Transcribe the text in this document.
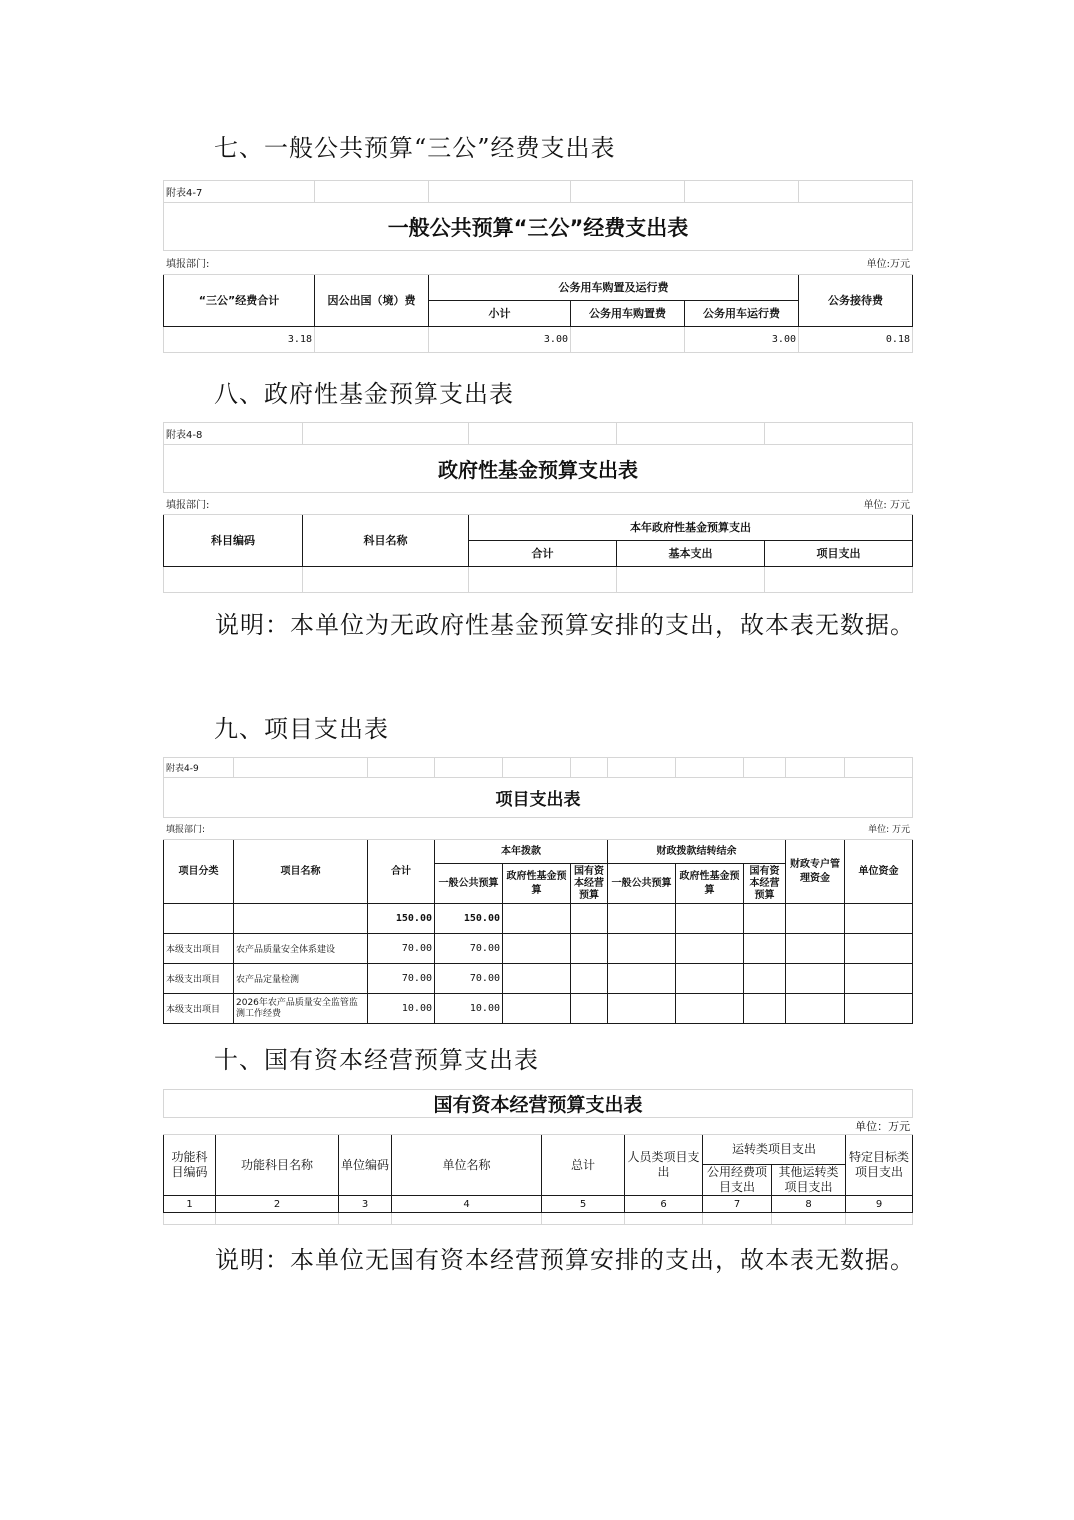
七、一般公共预算“三公”经费支出表
附表4-7					
一般公共预算“三公”经费支出表					
填报部门:					单位:万元
“三公”经费合计	因公出国（境）费	公务用车购置及运行费			公务接待费
		小计	公务用车购置费	公务用车运行费	
3.18		3.00		3.00	0.18
八、政府性基金预算支出表
附表4-8				
政府性基金预算支出表				
填报部门:				单位: 万元
科目编码	科目名称	本年政府性基金预算支出		
		合计	基本支出	项目支出

说明：本单位为无政府性基金预算安排的支出，故本表无数据。
九、项目支出表
附表4-9										
项目支出表										
填报部门:										单位: 万元
项目分类	项目名称	合计	本年拨款			财政拨款结转结余			财政专户管理资金	单位资金
			一般公共预算	政府性基金预算	国有资本经营预算	一般公共预算	政府性基金预算	国有资本经营预算		
		150.00	150.00							
本级支出项目	农产品质量安全体系建设	70.00	70.00							
本级支出项目	农产品定量检测	70.00	70.00							
本级支出项目	2026年农产品质量安全监管监测工作经费	10.00	10.00							
十、国有资本经营预算支出表
国有资本经营预算支出表								
								单位：万元
功能科目编码	功能科目名称	单位编码	单位名称	总计	人员类项目支出	运转类项目支出		特定目标类项目支出
						公用经费项目支出	其他运转类项目支出	
1	2	3	4	5	6	7	8	9

说明：本单位无国有资本经营预算安排的支出，故本表无数据。
